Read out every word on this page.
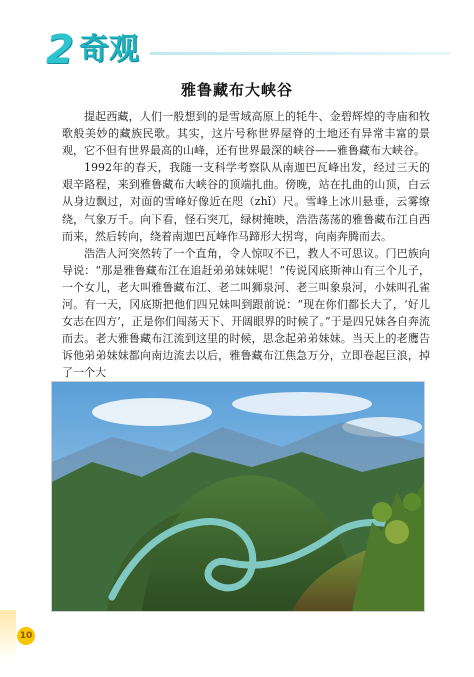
2 奇观
雅鲁藏布大峡谷

提起西藏，人们一般想到的是雪域高原上的牦牛、金碧辉煌的寺庙和牧歌般美妙的藏族民歌。其实，这片号称世界屋脊的土地还有异常丰富的景观，它不但有世界最高的山峰，还有世界最深的峡谷——雅鲁藏布大峡谷。

1992年的春天，我随一支科学考察队从南迦巴瓦峰出发，经过三天的艰辛路程，来到雅鲁藏布大峡谷的顶端扎曲。傍晚，站在扎曲的山顶，白云从身边飘过，对面的雪峰好像近在咫（zhǐ）尺。雪峰上冰川悬垂，云雾缭绕，气象万千。向下看，怪石突兀，绿树掩映，浩浩荡荡的雅鲁藏布江自西而来，然后转向，绕着南迦巴瓦峰作马蹄形大拐弯，向南奔腾而去。

浩浩人河突然转了一个直角，令人惊叹不已，教人不可思议。门巴族向导说：“那是雅鲁藏布江在追赶弟弟妹妹呢！”传说冈底斯神山有三个儿子，一个女儿，老大叫雅鲁藏布江、老二叫狮泉河、老三叫象泉河，小妹叫孔雀河。有一天，冈底斯把他们四兄妹叫到跟前说：“现在你们都长大了，‘好儿女志在四方’，正是你们闯荡天下、开阔眼界的时候了。”于是四兄妹各自奔流而去。老大雅鲁藏布江流到这里的时候，思念起弟弟妹妹。当天上的老鹰告诉他弟弟妹妹都向南边流去以后，雅鲁藏布江焦急万分，立即卷起巨浪，掉了一个大

10
